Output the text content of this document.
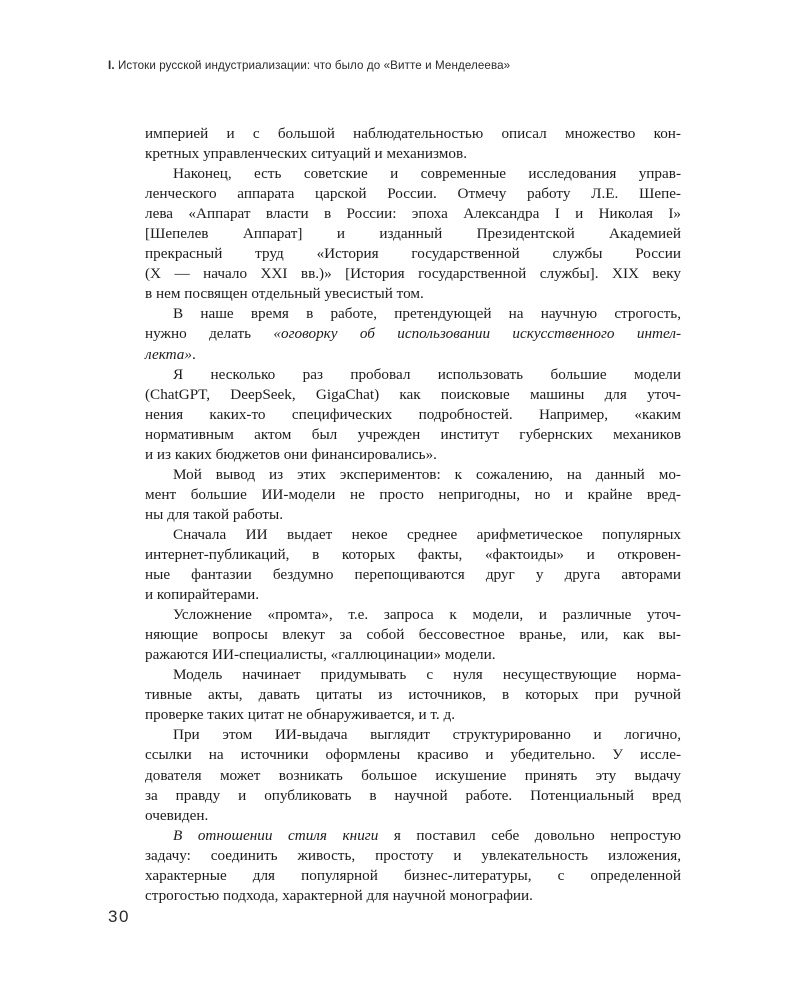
I. Истоки русской индустриализации: что было до «Витте и Менделеева»
империей и с большой наблюдательностью описал множество кон-
кретных управленческих ситуаций и механизмов.
Наконец, есть советские и современные исследования управ-
ленческого аппарата царской России. Отмечу работу Л.Е. Шепе-
лева «Аппарат власти в России: эпоха Александра I и Николая I»
[Шепелев Аппарат] и изданный Президентской Академией
прекрасный труд «История государственной службы России
(X — начало XXI вв.)» [История государственной службы]. XIX веку
в нем посвящен отдельный увесистый том.
В наше время в работе, претендующей на научную строгость,
нужно делать «оговорку об использовании искусственного интел-
лекта».
Я несколько раз пробовал использовать большие модели
(ChatGPT, DeepSeek, GigaChat) как поисковые машины для уточ-
нения каких-то специфических подробностей. Например, «каким
нормативным актом был учрежден институт губернских механиков
и из каких бюджетов они финансировались».
Мой вывод из этих экспериментов: к сожалению, на данный мо-
мент большие ИИ-модели не просто непригодны, но и крайне вред-
ны для такой работы.
Сначала ИИ выдает некое среднее арифметическое популярных
интернет-публикаций, в которых факты, «фактоиды» и откровен-
ные фантазии бездумно перепощиваются друг у друга авторами
и копирайтерами.
Усложнение «промта», т.е. запроса к модели, и различные уточ-
няющие вопросы влекут за собой бессовестное вранье, или, как вы-
ражаются ИИ-специалисты, «галлюцинации» модели.
Модель начинает придумывать с нуля несуществующие норма-
тивные акты, давать цитаты из источников, в которых при ручной
проверке таких цитат не обнаруживается, и т. д.
При этом ИИ-выдача выглядит структурированно и логично,
ссылки на источники оформлены красиво и убедительно. У иссле-
дователя может возникать большое искушение принять эту выдачу
за правду и опубликовать в научной работе. Потенциальный вред
очевиден.
В отношении стиля книги я поставил себе довольно непростую
задачу: соединить живость, простоту и увлекательность изложения,
характерные для популярной бизнес-литературы, с определенной
строгостью подхода, характерной для научной монографии.
30
